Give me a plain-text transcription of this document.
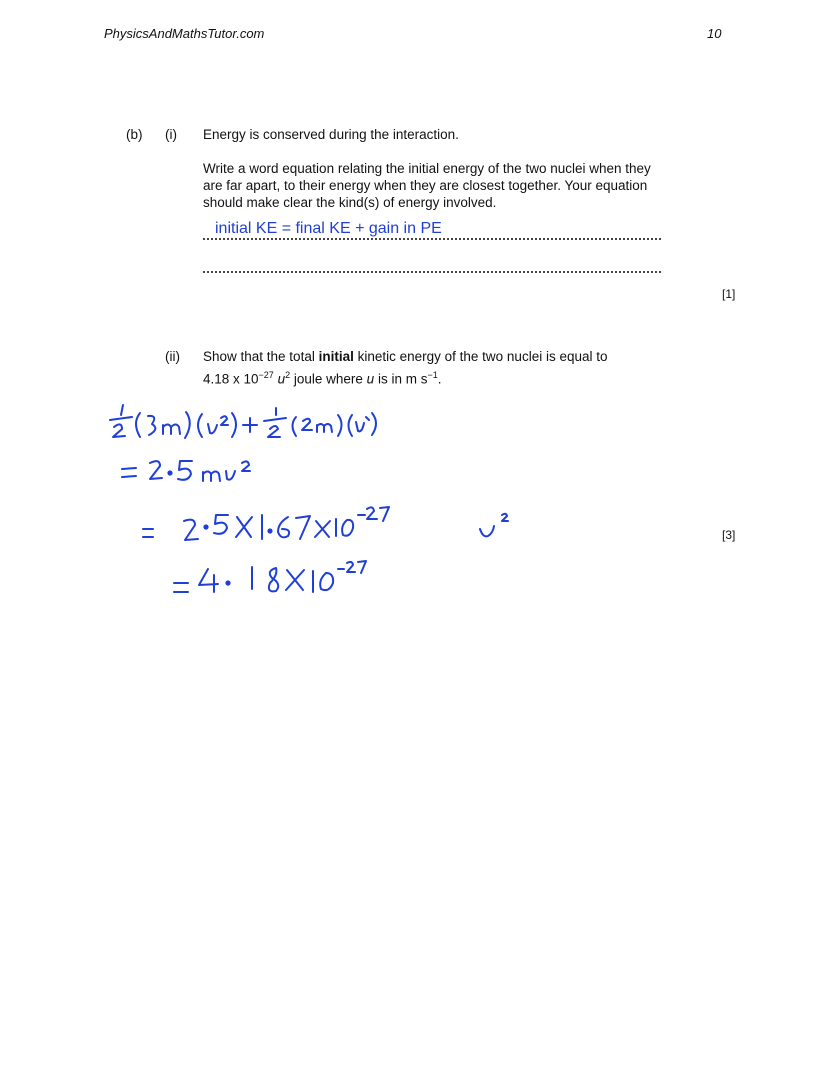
PhysicsAndMathsTutor.com	10
(b) (i) Energy is conserved during the interaction.
Write a word equation relating the initial energy of the two nuclei when they
are far apart, to their energy when they are closest together. Your equation
should make clear the kind(s) of energy involved.
initial KE = final KE + gain in PE
[1]
(ii) Show that the total initial kinetic energy of the two nuclei is equal to
4.18 x $10^{-27}$ $u^2$ joule where u is in m $s^{-1}$.
[3]
